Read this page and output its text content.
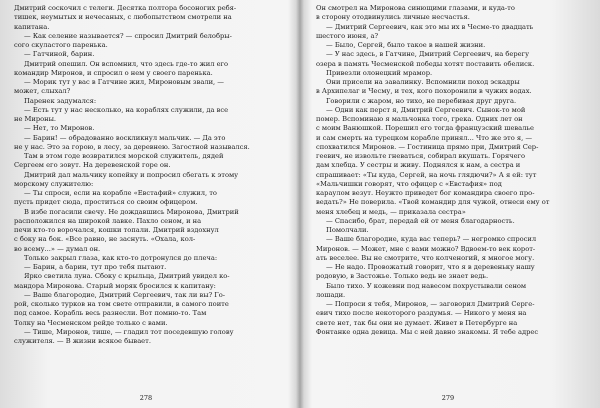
Дмитрий соскочил с телеги. Десятка полтора босоногих ребя-
тишек, неумытых и нечесаных, с любопытством смотрели на
капитана.
— Как селение называется? — спросил Дмитрий белобры-
сого скуластого паренька.
— Гатчиной, барин.
Дмитрий опешил. Он вспомнил, что здесь где-то жил его
командир Миронов, и спросил о нем у своего паренька.
— Морик тут у вас в Гатчине жил, Мироновым звали, —
может, слыхал?
Паренек задумался:
— Есть тут у нас несколько, на кораблях служили, да все
не Мироны.
— Нет, то Миронов.
— Барин! — обрадованно воскликнул мальчик. — Да это
не у нас. Это за горою, в лесу, за деревнею. Загостной назывался.
Там в этом годе возвратился морской служитель, дядей
Сергеем его зовут. На деревенской горе он.
Дмитрий дал мальчику копейку и попросил сбегать к этому
морскому служителю:
— Ты спроси, если на корабле «Евстафий» служил, то
пусть придет сюда, проститься со своим офицером.
В избе погасили свечу. Не дождавшись Миронова, Дмитрий
расположился на широкой лавке. Пахло сеном, и на
печи кто-то ворочался, кошки топали. Дмитрий вздохнул
с боку на бок. «Все равно, не заснуть. «Охала, кол-
во всему...» — думал он.
Только закрыл глаза, как кто-то дотронулся до плеча:
— Барин, а барин, тут про тебя пытают.
Ярко светила луна. Сбоку с крыльца, Дмитрий увидел ко-
мандора Миронова. Старый моряк бросился к капитану:
— Ваше благородие, Дмитрий Сергеевич, так ли вы? Го-
рой, сколько турков на том свете отправили, в самого поите
под самое. Корабль весь разнесли. Вот помню-то. Там
Толку на Чесменском рейде только с вами.
— Тише, Миронов, тише, — гладил тот поседевшую голову
служителя. — В жизни всякое бывает.
278
Он смотрел на Миронова синющими глазами, и куда-то
в сторону отодвинулись личные несчастья.
— Дмитрий Сергеевич, как это мы их в Чесме-то двадцать
шестого июня, а?
— Было, Сергей, было такое в нашей жизни.
— У нас здесь, в Гатчине, Дмитрий Сергеевич, на берегу
озера в память Чесменской победы хотят поставить обелиск.
Привезли олонецкий мрамор.
Они присели на завалинку. Вспомнили поход эскадры
в Архипелаг и Чесму, и тех, кого похоронили в чужих водах.
Говорили с жаром, но тихо, не перебивая друг друга.
— Одни как перст я, Дмитрий Сергеевич. Сынок-то мой
помер. Вспоминаю я мальчонка того, грека. Одних лет он
с моим Ванюшкой. Порешил его тогда французский шевалье
и сам смерть на турецком корабле принял... Что же это я, —
спохватился Миронов. — Гостиница прямо при, Дмитрий Сер-
геевич, не извольте гневаться, собирал вкушать. Горячего
дам хлебца. У сестры и живу. Поднялся к нам, а сестра и
спрашивает: «Ты куда, Сергей, на ночь глядючи?» А я ей: тут
«Мальчишки говорят, что офицер с «Евстафия» под
караулом везут. Неужто приведет бог командира своего про-
ведать?» Не поверила. «Твой командир для чужой, отнеси ему от
меня хлебец и медь, — приказала сестра»
— Спасибо, брат, передай ей от меня благодарность.
Помолчали.
— Ваше благородие, куда вас теперь? — негромко спросил
Миронов. — Может, мне с вами можно? Вдвоем-то век корот-
ать веселее. Вы не смотрите, что колченогий, я многое могу.
— Не надо. Провожатый говорит, что я в деревеньку нашу
родовую, в Застожье. Только ведь не знает ведь.
Было тихо. У кожевни под навесом похрустывали сеном
лошади.
— Попроси я тебя, Миронов, — заговорил Дмитрий Серге-
евич тихо после некоторого раздумья. — Никого у меня на
свете нет, так бы они не думает. Живет в Петербурге на
Фонтанке одна девица. Мы с ней давно знакомы. Я тебе адрес
279
